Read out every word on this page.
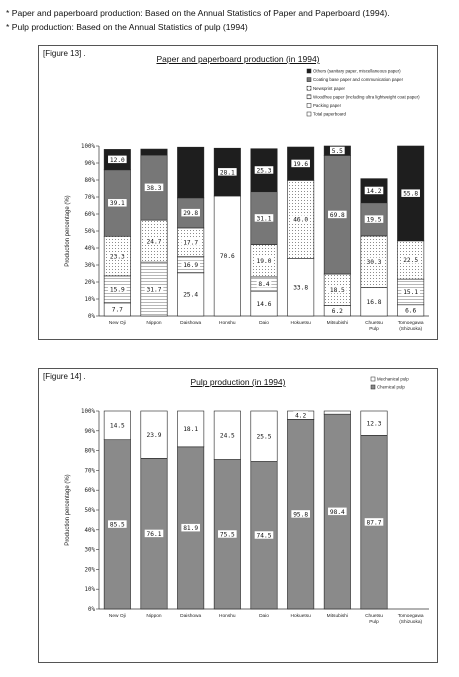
* Paper and paperboard production: Based on the Annual Statistics of Paper and Paperboard (1994).
* Pulp production: Based on the Annual Statistics of pulp (1994)
[Figure 13] .
Paper and paperboard production (in 1994)
0%
10%
20%
30%
40%
50%
60%
70%
80%
90%
100%
Production percentage (%)
7.7
15.9
23.3
39.1
12.0
New Oji
31.7
24.7
38.3
Nippon
25.4
16.9
17.7
29.8
Daishowa
70.6
28.1
Honshu
14.6
8.4
19.0
31.1
25.3
Daio
33.8
46.0
19.6
Hokuetsu
6.2
18.5
69.8
5.5
Mitsubishi
16.8
30.3
19.5
14.2
Chuetsu
Pulp
6.6
15.1
22.5
55.8
Tomoegawa
(Shizuoka)
Others (sanitary paper, miscellaneous paper)
Coating base paper and communication paper
Newsprint paper
Woodfree paper (including ultra lightweight coat paper)
Packing paper
Total paperboard
[Figure 14] .
Pulp production (in 1994)
0%
10%
20%
30%
40%
50%
60%
70%
80%
90%
100%
Production percentage (%)	85.5
14.5
New Oji
76.1
23.9
Nippon
81.9
18.1
Daishowa
75.5
24.5
Honshu
74.5
25.5
Daio
95.8
4.2
Hokuetsu
98.4
Mitsubishi
87.7
12.3
Chuetsu
Pulp
Tomoegawa
(Shizuoka)
Mechanical pulp
Chemical pulp
